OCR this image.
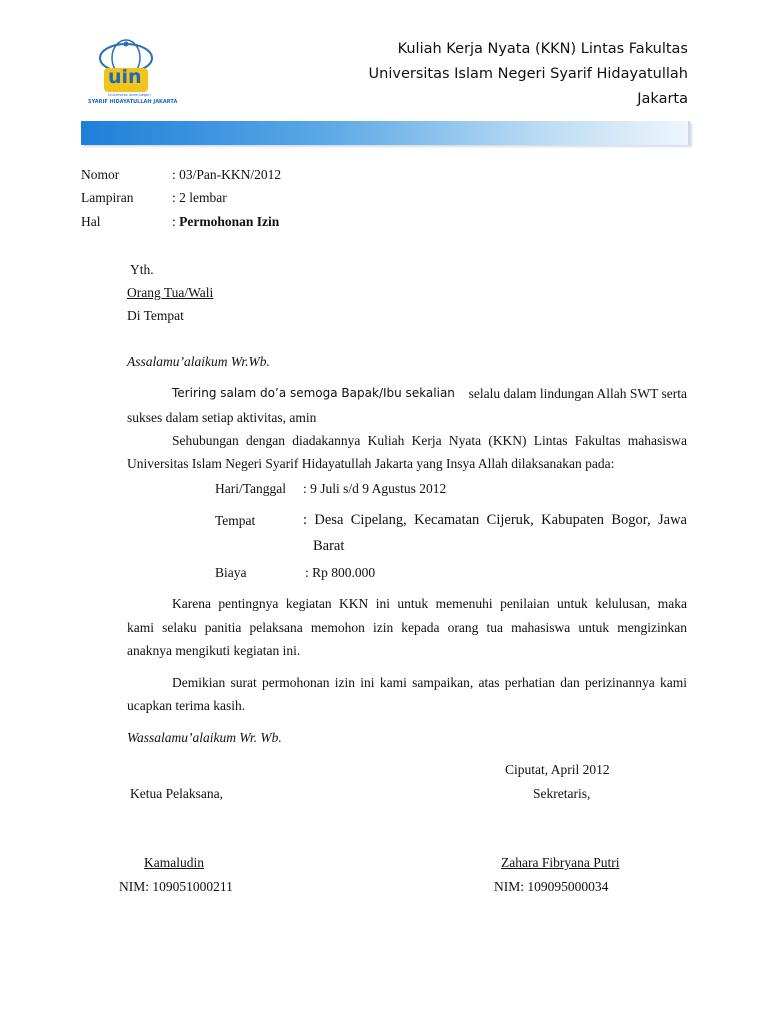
uin
Universitas Islam Negeri
SYARIF HIDAYATULLAH JAKARTA
Kuliah Kerja Nyata (KKN) Lintas Fakultas
Universitas Islam Negeri Syarif Hidayatullah
Jakarta
Nomor	: 03/Pan-KKN/2012
Lampiran	: 2 lembar
Hal	: Permohonan Izin
Yth.
Orang Tua/Wali
Di Tempat
Assalamu’alaikum Wr.Wb.
Teriring salam do’a semoga Bapak/Ibu sekalian selalu dalam lindungan Allah SWT serta
sukses dalam setiap aktivitas, amin
Sehubungan dengan diadakannya Kuliah Kerja Nyata (KKN) Lintas Fakultas mahasiswa
Universitas Islam Negeri Syarif Hidayatullah Jakarta yang Insya Allah dilaksanakan pada:
Hari/Tanggal : 9 Juli s/d 9 Agustus 2012
Tempat	: Desa Cipelang, Kecamatan Cijeruk, Kabupaten Bogor, Jawa
Barat
Biaya	: Rp 800.000
Karena pentingnya kegiatan KKN ini untuk memenuhi penilaian untuk kelulusan, maka
kami selaku panitia pelaksana memohon izin kepada orang tua mahasiswa untuk mengizinkan
anaknya mengikuti kegiatan ini.
Demikian surat permohonan izin ini kami sampaikan, atas perhatian dan perizinannya kami
ucapkan terima kasih.
Wassalamu’alaikum Wr. Wb.
Ciputat, April 2012
Ketua Pelaksana,	Sekretaris,
Kamaludin	Zahara Fibryana Putri
NIM: 109051000211	NIM: 109095000034
